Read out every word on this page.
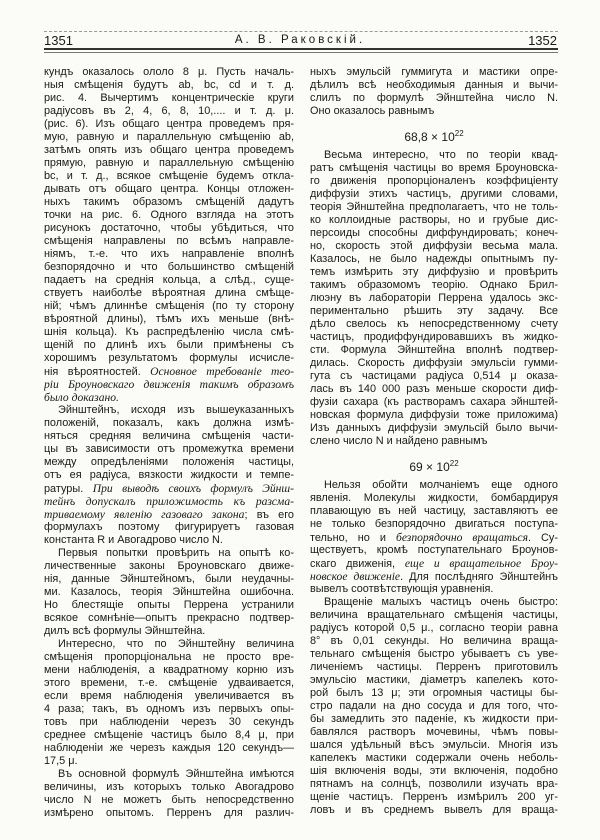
1351	А. В. Раковскій.	1352
кундъ оказалось ололо 8 μ. Пусть началь-
ныя смѣщенія будутъ ab, bc, cd и т. д.
рис. 4. Вычертимъ концентрическіе круги
радіусовъ въ 2, 4, 6, 8, 10,.... и т. д. μ.
(рис. 6). Изъ общаго центра проведемъ пря-
мую, равную и параллельную смѣщенію ab,
затѣмъ опять изъ общаго центра проведемъ
прямую, равную и параллельную смѣщенію
bc, и т. д., всякое смѣщеніе будемъ откла-
дывать отъ общаго центра. Концы отложен-
ныхъ такимъ образомъ смѣщеній дадутъ
точки на рис. 6. Одного взгляда на этотъ
рисунокъ достаточно, чтобы убѣдиться, что
смѣщенія направлены по всѣмъ направле-
ніямъ, т.-е. что ихъ направленіе вполнѣ
безпорядочно и что большинство смѣщеній
падаетъ на среднія кольца, а слѣд., суще-
ствуетъ наиболѣе вѣроятная длина смѣще-
ній; чѣмъ длиннѣе смѣщенія (по ту сторону
вѣроятной длины), тѣмъ ихъ меньше (внѣ-
шнія кольца). Къ распредѣленію числа смѣ-
щеній по длинѣ ихъ были примѣнены съ
хорошимъ результатомъ формулы исчисле-
нія вѣроятностей. Основное требованіе тео-
ріи Броуновскаго движенія такимъ образомъ
было доказано.
Эйнштейнъ, исходя изъ вышеуказанныхъ
положеній, показалъ, какъ должна измѣ-
няться средняя величина смѣщенія части-
цы въ зависимости отъ промежутка времени
между опредѣленіями положенія частицы,
отъ ея радіуса, вязкости жидкости и темпе-
ратуры. При выводѣ своихъ формулъ Эйнш-
тейнъ допускалъ приложимость къ разсма-
триваемому явленію газоваго закона; въ его
формулахъ поэтому фигурируетъ газовая
константа R и Авогадрово число N.
Первыя попытки провѣрить на опытѣ ко-
личественные законы Броуновскаго движе-
нія, данные Эйнштейномъ, были неудачны-
ми. Казалось, теорія Эйнштейна ошибочна.
Но блестящіе опыты Перрена устранили
всякое сомнѣніе—опытъ прекрасно подтвер-
дилъ всѣ формулы Эйнштейна.
Интересно, что по Эйнштейну величина
смѣщенія пропорціональна не просто вре-
мени наблюденія, а квадратному корню изъ
этого времени, т.-е. смѣщеніе удваивается,
если время наблюденія увеличивается въ
4 раза; такъ, въ одномъ изъ первыхъ опы-
товъ при наблюденіи черезъ 30 секундъ
среднее смѣщеніе частицъ было 8,4 μ, при
наблюденіи же черезъ каждыя 120 секундъ—
17,5 μ.
Въ основной формулѣ Эйнштейна имѣются
величины, изъ которыхъ только Авогадрово
число N не можетъ быть непосредственно
измѣрено опытомъ. Перренъ для различ-
ныхъ эмульсій гуммигута и мастики опре-
дѣлилъ всѣ необходимыя данныя и вычи-
слилъ по формулѣ Эйнштейна число N.
Оно оказалось равнымъ
$68,8 \times 10^{22}$
Весьма интересно, что по теоріи квад-
ратъ смѣщенія частицы во время Броуновска-
го движенія пропорціоналенъ коэффиціенту
диффузіи этихъ частицъ, другими словами,
теорія Эйнштейна предполагаетъ, что не толь-
ко коллоидные растворы, но и грубые дис-
персоиды способны диффундировать; конеч-
но, скорость этой диффузіи весьма мала.
Казалось, не было надежды опытнымъ пу-
темъ измѣрить эту диффузію и провѣрить
такимъ образомомъ теорію. Однако Брил-
люэну въ лабораторіи Перрена удалось экс-
периментально рѣшить эту задачу. Все
дѣло свелось къ непосредственному счету
частицъ, продиффундировавшихъ въ жидко-
сти. Формула Эйнштейна вполнѣ подтвер-
дилась. Скорость диффузіи эмульсіи гумми-
гута съ частицами радіуса 0,514 μ оказа-
лась въ 140 000 разъ меньше скорости диф-
фузіи сахара (къ растворамъ сахара эйнштей-
новская формула диффузіи тоже приложима)
Изъ данныхъ диффузіи эмульсій было вычи-
слено число N и найдено равнымъ
$69 \times 10^{22}$
Нельзя обойти молчаніемъ еще одного
явленія. Молекулы жидкости, бомбардируя
плавающую въ ней частицу, заставляютъ ее
не только безпорядочно двигаться поступа-
тельно, но и безпорядочно вращаться. Су-
ществуетъ, кромѣ поступательнаго Броунов-
скаго движенія, еще и вращательное Броу-
новское движеніе. Для послѣдняго Эйнштейнъ
вывелъ соотвѣтствующія уравненія.
Вращеніе малыхъ частицъ очень быстро:
величина вращательнаго смѣщенія частицы,
радіусъ которой 0,5 μ., согласно теоріи равна
8° въ 0,01 секунды. Но величина враща-
тельнаго смѣщенія быстро убываетъ съ уве-
личеніемъ частицы. Перренъ приготовилъ
эмульсію мастики, діаметръ капелекъ кото-
рой былъ 13 μ; эти огромныя частицы бы-
стро падали на дно сосуда и для того, что-
бы замедлить это паденіе, къ жидкости при-
бавлялся растворъ мочевины, чѣмъ повы-
шался удѣльный вѣсъ эмульсіи. Многія изъ
капелекъ мастики содержали очень неболь-
шія включенія воды, эти включенія, подобно
пятнамъ на солнцѣ, позволили изучать вра-
щеніе частицъ. Перренъ измѣрилъ 200 уг-
ловъ и въ среднемъ вывелъ для враща-
